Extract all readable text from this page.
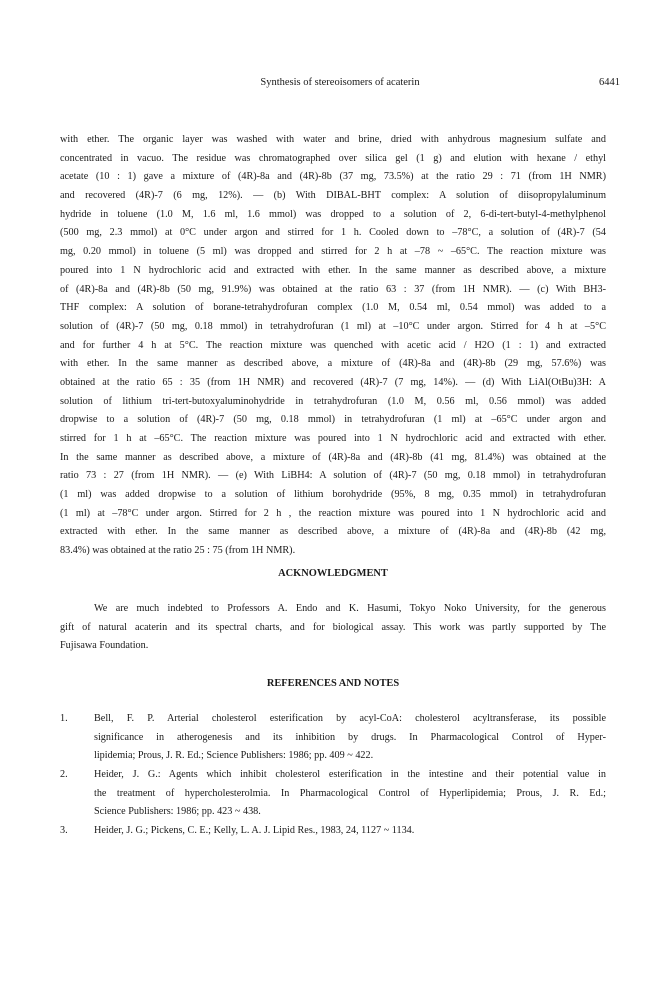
Synthesis of stereoisomers of acaterin	6441
with ether. The organic layer was washed with water and brine, dried with anhydrous magnesium sulfate and
concentrated in vacuo. The residue was chromatographed over silica gel (1 g) and elution with hexane / ethyl
acetate (10 : 1) gave a mixture of (4R)-8a and (4R)-8b (37 mg, 73.5%) at the ratio 29 : 71 (from 1H NMR)
and recovered (4R)-7 (6 mg, 12%). — (b) With DIBAL-BHT complex: A solution of diisopropylaluminum
hydride in toluene (1.0 M, 1.6 ml, 1.6 mmol) was dropped to a solution of 2, 6-di-tert-butyl-4-methylphenol
(500 mg, 2.3 mmol) at 0°C under argon and stirred for 1 h. Cooled down to –78°C, a solution of (4R)-7 (54
mg, 0.20 mmol) in toluene (5 ml) was dropped and stirred for 2 h at –78 ~ –65°C. The reaction mixture was
poured into 1 N hydrochloric acid and extracted with ether. In the same manner as described above, a mixture
of (4R)-8a and (4R)-8b (50 mg, 91.9%) was obtained at the ratio 63 : 37 (from 1H NMR). — (c) With BH3-
THF complex: A solution of borane-tetrahydrofuran complex (1.0 M, 0.54 ml, 0.54 mmol) was added to a
solution of (4R)-7 (50 mg, 0.18 mmol) in tetrahydrofuran (1 ml) at –10°C under argon. Stirred for 4 h at –5°C
and for further 4 h at 5°C. The reaction mixture was quenched with acetic acid / H2O (1 : 1) and extracted
with ether. In the same manner as described above, a mixture of (4R)-8a and (4R)-8b (29 mg, 57.6%) was
obtained at the ratio 65 : 35 (from 1H NMR) and recovered (4R)-7 (7 mg, 14%). — (d) With LiAl(OtBu)3H: A
solution of lithium tri-tert-butoxyaluminohydride in tetrahydrofuran (1.0 M, 0.56 ml, 0.56 mmol) was added
dropwise to a solution of (4R)-7 (50 mg, 0.18 mmol) in tetrahydrofuran (1 ml) at –65°C under argon and
stirred for 1 h at –65°C. The reaction mixture was poured into 1 N hydrochloric acid and extracted with ether.
In the same manner as described above, a mixture of (4R)-8a and (4R)-8b (41 mg, 81.4%) was obtained at the
ratio 73 : 27 (from 1H NMR). — (e) With LiBH4: A solution of (4R)-7 (50 mg, 0.18 mmol) in tetrahydrofuran
(1 ml) was added dropwise to a solution of lithium borohydride (95%, 8 mg, 0.35 mmol) in tetrahydrofuran
(1 ml) at –78°C under argon. Stirred for 2 h , the reaction mixture was poured into 1 N hydrochloric acid and
extracted with ether. In the same manner as described above, a mixture of (4R)-8a and (4R)-8b (42 mg,
83.4%) was obtained at the ratio 25 : 75 (from 1H NMR).
ACKNOWLEDGMENT
We are much indebted to Professors A. Endo and K. Hasumi, Tokyo Noko University, for the generous
gift of natural acaterin and its spectral charts, and for biological assay. This work was partly supported by The
Fujisawa Foundation.
REFERENCES AND NOTES
1.	Bell, F. P. Arterial cholesterol esterification by acyl-CoA: cholesterol acyltransferase, its possible
significance in atherogenesis and its inhibition by drugs. In Pharmacological Control of Hyper-
lipidemia; Prous, J. R. Ed.; Science Publishers: 1986; pp. 409 ~ 422.
2.	Heider, J. G.: Agents which inhibit cholesterol esterification in the intestine and their potential value in
the treatment of hypercholesterolmia. In Pharmacological Control of Hyperlipidemia; Prous, J. R. Ed.;
Science Publishers: 1986; pp. 423 ~ 438.
3.	Heider, J. G.; Pickens, C. E.; Kelly, L. A. J. Lipid Res., 1983, 24, 1127 ~ 1134.
